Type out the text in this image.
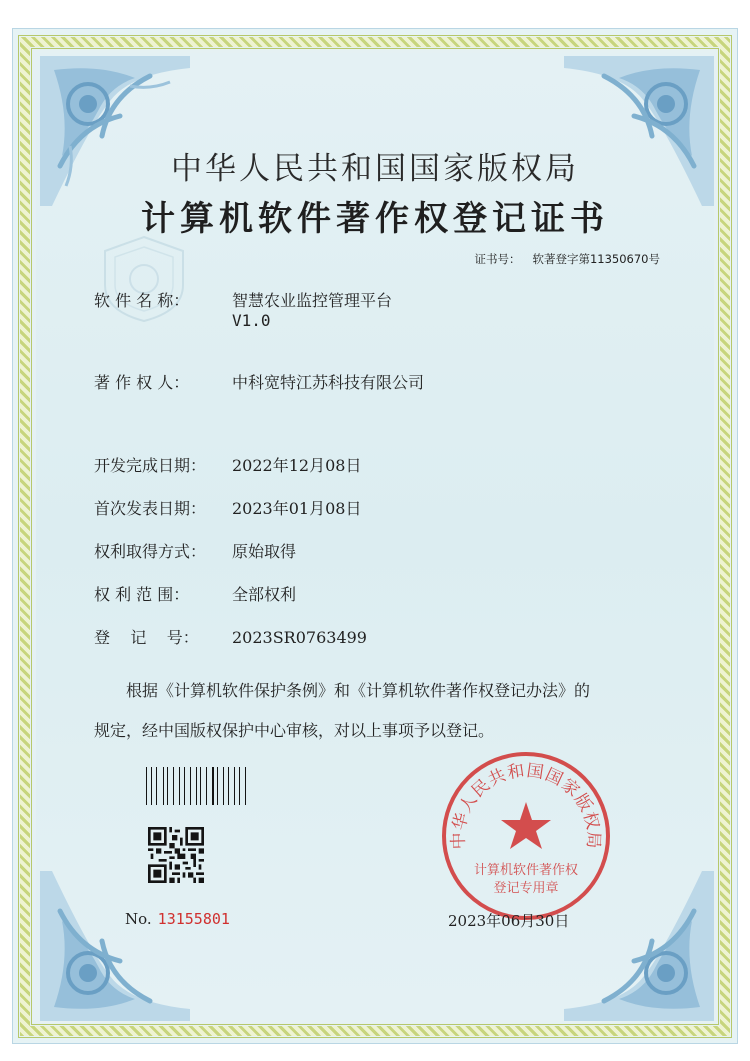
中华人民共和国国家版权局
计算机软件著作权登记证书
证书号： 软著登字第11350670号
软 件 名 称：	智慧农业监控管理平台
V1.0
著 作 权 人：	中科宽特江苏科技有限公司
开发完成日期： 2022年12月08日
首次发表日期： 2023年01月08日
权利取得方式： 原始取得
权 利 范 围：	全部权利
登    记    号： 2023SR0763499
根据《计算机软件保护条例》和《计算机软件著作权登记办法》的
规定，经中国版权保护中心审核，对以上事项予以登记。
No. 13155801
中华人民共和国国家版权局
计算机软件著作权
登记专用章
2023年06月30日
